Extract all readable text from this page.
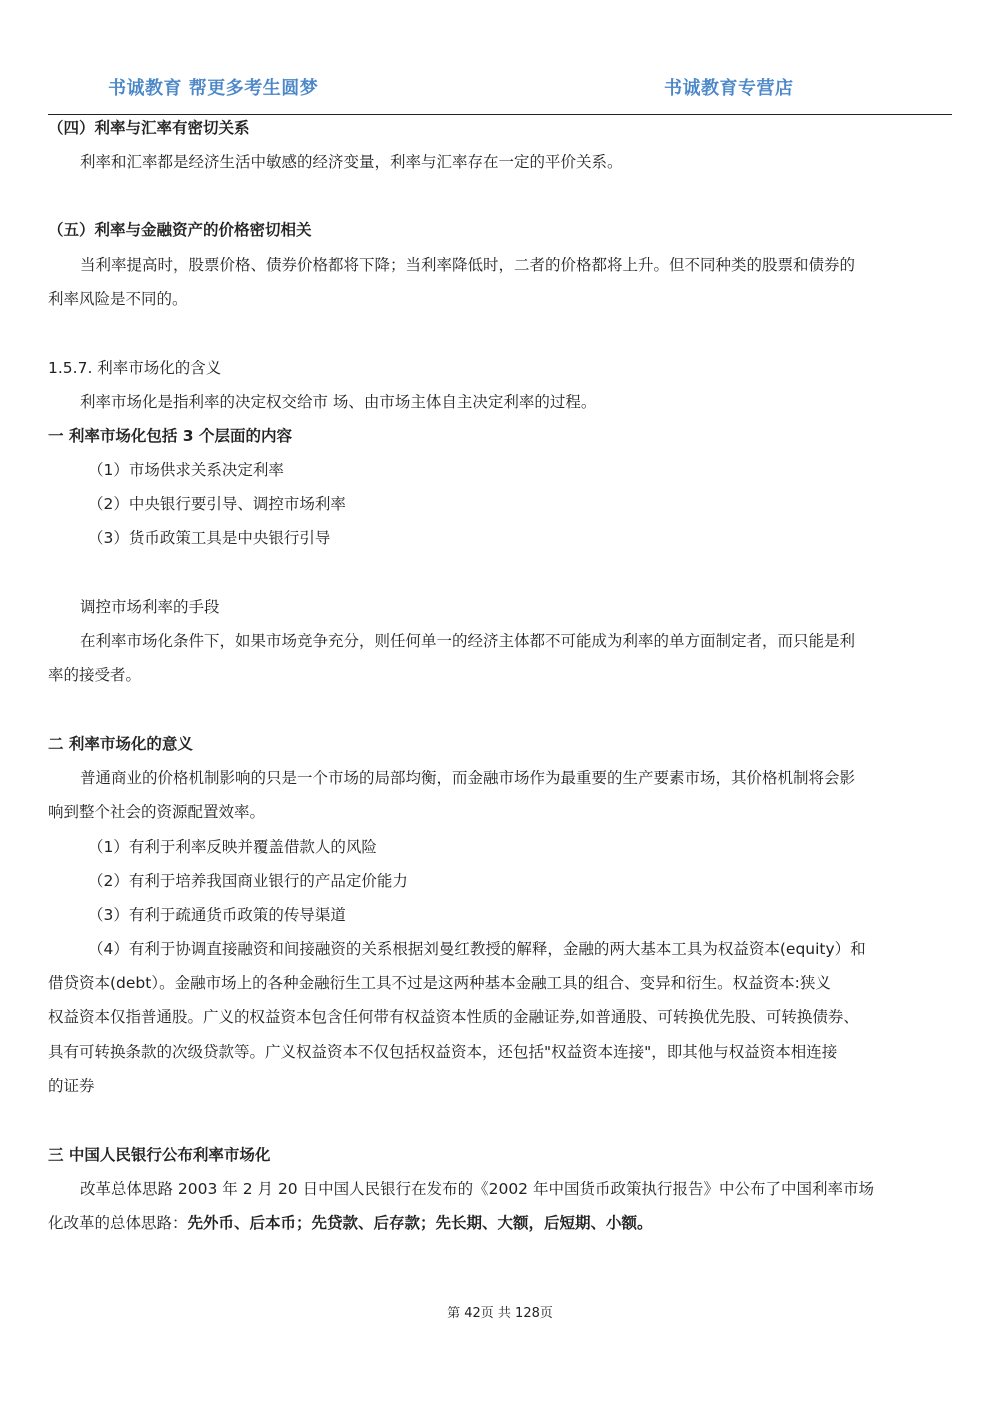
书诚教育 帮更多考生圆梦	书诚教育专营店
（四）利率与汇率有密切关系
利率和汇率都是经济生活中敏感的经济变量，利率与汇率存在一定的平价关系。
（五）利率与金融资产的价格密切相关
当利率提高时，股票价格、债券价格都将下降；当利率降低时，二者的价格都将上升。但不同种类的股票和债券的
利率风险是不同的。
1.5.7. 利率市场化的含义
利率市场化是指利率的决定权交给市 场、由市场主体自主决定利率的过程。
一 利率市场化包括 3 个层面的内容
（1）市场供求关系决定利率
（2）中央银行要引导、调控市场利率
（3）货币政策工具是中央银行引导
调控市场利率的手段
在利率市场化条件下，如果市场竞争充分，则任何单一的经济主体都不可能成为利率的单方面制定者，而只能是利
率的接受者。
二 利率市场化的意义
普通商业的价格机制影响的只是一个市场的局部均衡，而金融市场作为最重要的生产要素市场，其价格机制将会影
响到整个社会的资源配置效率。
（1）有利于利率反映并覆盖借款人的风险
（2）有利于培养我国商业银行的产品定价能力
（3）有利于疏通货币政策的传导渠道
（4）有利于协调直接融资和间接融资的关系根据刘曼红教授的解释，金融的两大基本工具为权益资本(equity）和
借贷资本(debt）。金融市场上的各种金融衍生工具不过是这两种基本金融工具的组合、变异和衍生。权益资本:狭义
权益资本仅指普通股。广义的权益资本包含任何带有权益资本性质的金融证券,如普通股、可转换优先股、可转换债券、
具有可转换条款的次级贷款等。广义权益资本不仅包括权益资本，还包括"权益资本连接"，即其他与权益资本相连接
的证券
三 中国人民银行公布利率市场化
改革总体思路 2003 年 2 月 20 日中国人民银行在发布的《2002 年中国货币政策执行报告》中公布了中国利率市场
化改革的总体思路：先外币、后本币；先贷款、后存款；先长期、大额，后短期、小额。
第 42页 共 128页
